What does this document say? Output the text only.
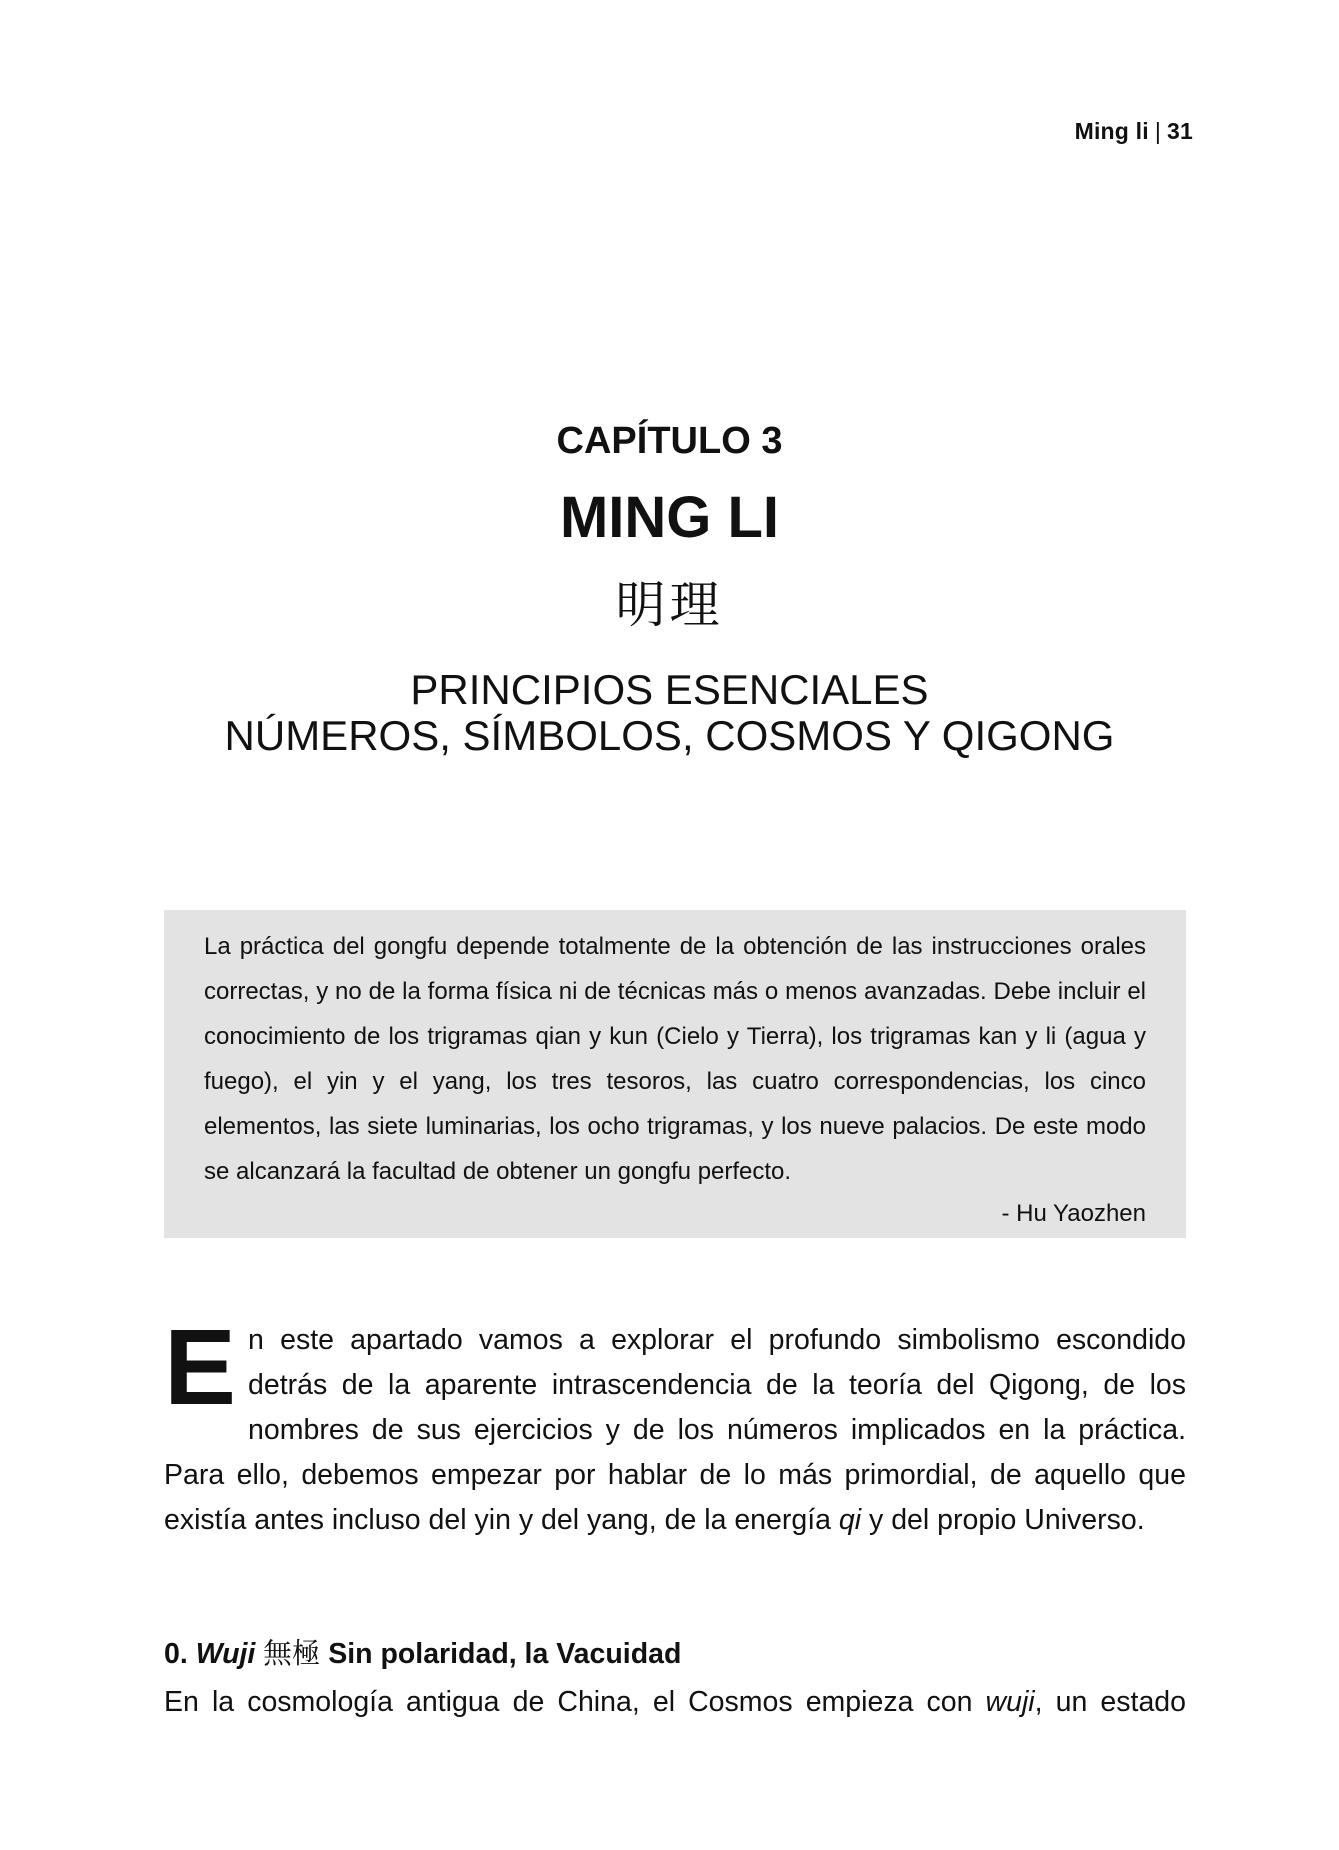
Ming li | 31
CAPÍTULO 3
MING LI
明理
PRINCIPIOS ESENCIALES
NÚMEROS, SÍMBOLOS, COSMOS Y QIGONG

La práctica del gongfu depende totalmente de la obtención de las instrucciones orales correctas, y no de la forma física ni de técnicas más o menos avanzadas. Debe incluir el conocimiento de los trigramas qian y kun (Cielo y Tierra), los trigramas kan y li (agua y fuego), el yin y el yang, los tres tesoros, las cuatro correspondencias, los cinco elementos, las siete luminarias, los ocho trigramas, y los nueve palacios. De este modo se alcanzará la facultad de obtener un gongfu perfecto.

- Hu Yaozhen

En este apartado vamos a explorar el profundo simbolismo escondido detrás de la aparente intrascendencia de la teoría del Qigong, de los nombres de sus ejercicios y de los números implicados en la práctica. Para ello, debemos empezar por hablar de lo más primordial, de aquello que existía antes incluso del yin y del yang, de la energía qi y del propio Universo.

0. Wuji 無極 Sin polaridad, la Vacuidad

En la cosmología antigua de China, el Cosmos empieza con wuji, un estado
